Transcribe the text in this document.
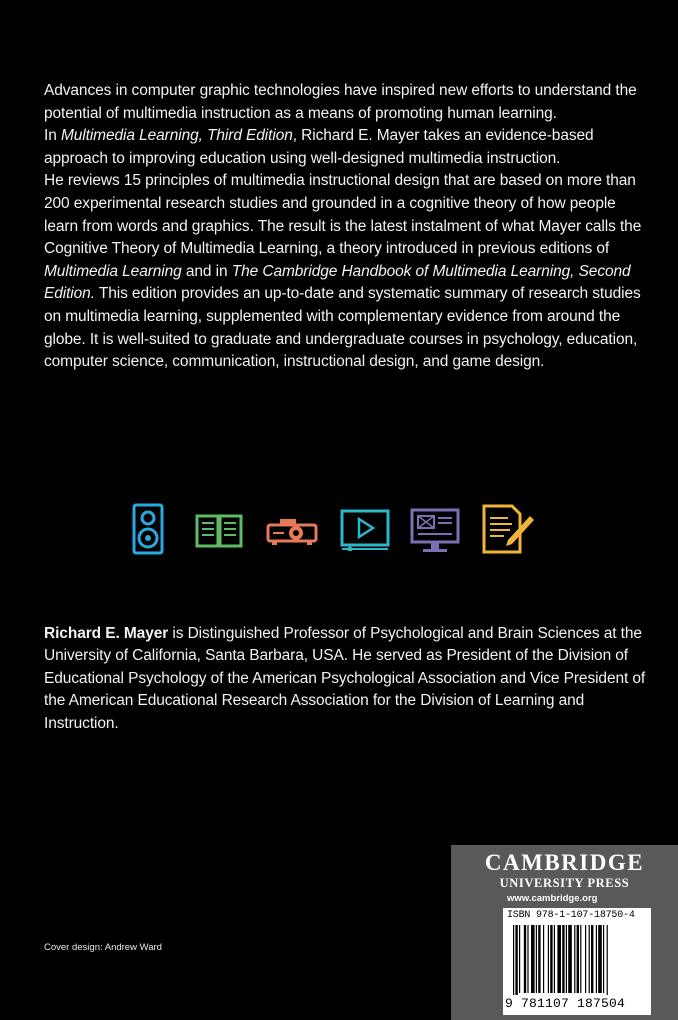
Advances in computer graphic technologies have inspired new efforts to understand the potential of multimedia instruction as a means of promoting human learning.

In Multimedia Learning, Third Edition, Richard E. Mayer takes an evidence-based approach to improving education using well-designed multimedia instruction.

He reviews 15 principles of multimedia instructional design that are based on more than 200 experimental research studies and grounded in a cognitive theory of how people learn from words and graphics. The result is the latest instalment of what Mayer calls the Cognitive Theory of Multimedia Learning, a theory introduced in previous editions of Multimedia Learning and in The Cambridge Handbook of Multimedia Learning, Second Edition. This edition provides an up-to-date and systematic summary of research studies on multimedia learning, supplemented with complementary evidence from around the globe. It is well-suited to graduate and undergraduate courses in psychology, education, computer science, communication, instructional design, and game design.

Richard E. Mayer is Distinguished Professor of Psychological and Brain Sciences at the University of California, Santa Barbara, USA. He served as President of the Division of Educational Psychology of the American Psychological Association and Vice President of the American Educational Research Association for the Division of Learning and Instruction.
Cover design: Andrew Ward
CAMBRIDGE
UNIVERSITY PRESS
www.cambridge.org
ISBN 978-1-107-18750-4
9 781107 187504
